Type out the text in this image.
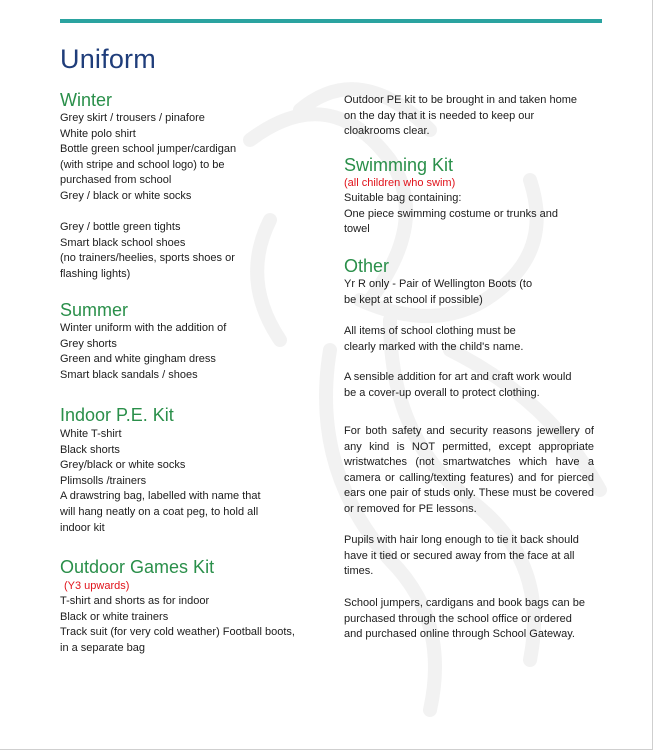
Uniform
Winter
Grey skirt / trousers / pinafore
White polo shirt
Bottle green school jumper/cardigan
(with stripe and school logo) to be
purchased from school
Grey / black or white socks
Grey / bottle green tights
Smart black school shoes
(no trainers/heelies, sports shoes or
flashing lights)
Summer
Winter uniform with the addition of
Grey shorts
Green and white gingham dress
Smart black sandals / shoes
Indoor P.E. Kit
White T-shirt
Black shorts
Grey/black or white socks
Plimsolls /trainers
A drawstring bag, labelled with name that
will hang neatly on a coat peg, to hold all
indoor kit
Outdoor Games Kit
(Y3 upwards)
T-shirt and shorts as for indoor
Black or white trainers
Track suit (for very cold weather) Football boots,
in a separate bag
Outdoor PE kit to be brought in and taken home
on the day that it is needed to keep our
cloakrooms clear.
Swimming Kit
(all children who swim)
Suitable bag containing:
One piece swimming costume or trunks and
towel
Other
Yr R only - Pair of Wellington Boots (to
be kept at school if possible)
All items of school clothing must be
clearly marked with the child's name.
A sensible addition for art and craft work would
be a cover-up overall to protect clothing.
For both safety and security reasons jewellery of any kind is NOT permitted, except appropriate wristwatches (not smartwatches which have a camera or calling/texting features) and for pierced ears one pair of studs only. These must be covered or removed for PE lessons.
Pupils with hair long enough to tie it back should have it tied or secured away from the face at all times.
School jumpers, cardigans and book bags can be purchased through the school office or ordered and purchased online through School Gateway.
